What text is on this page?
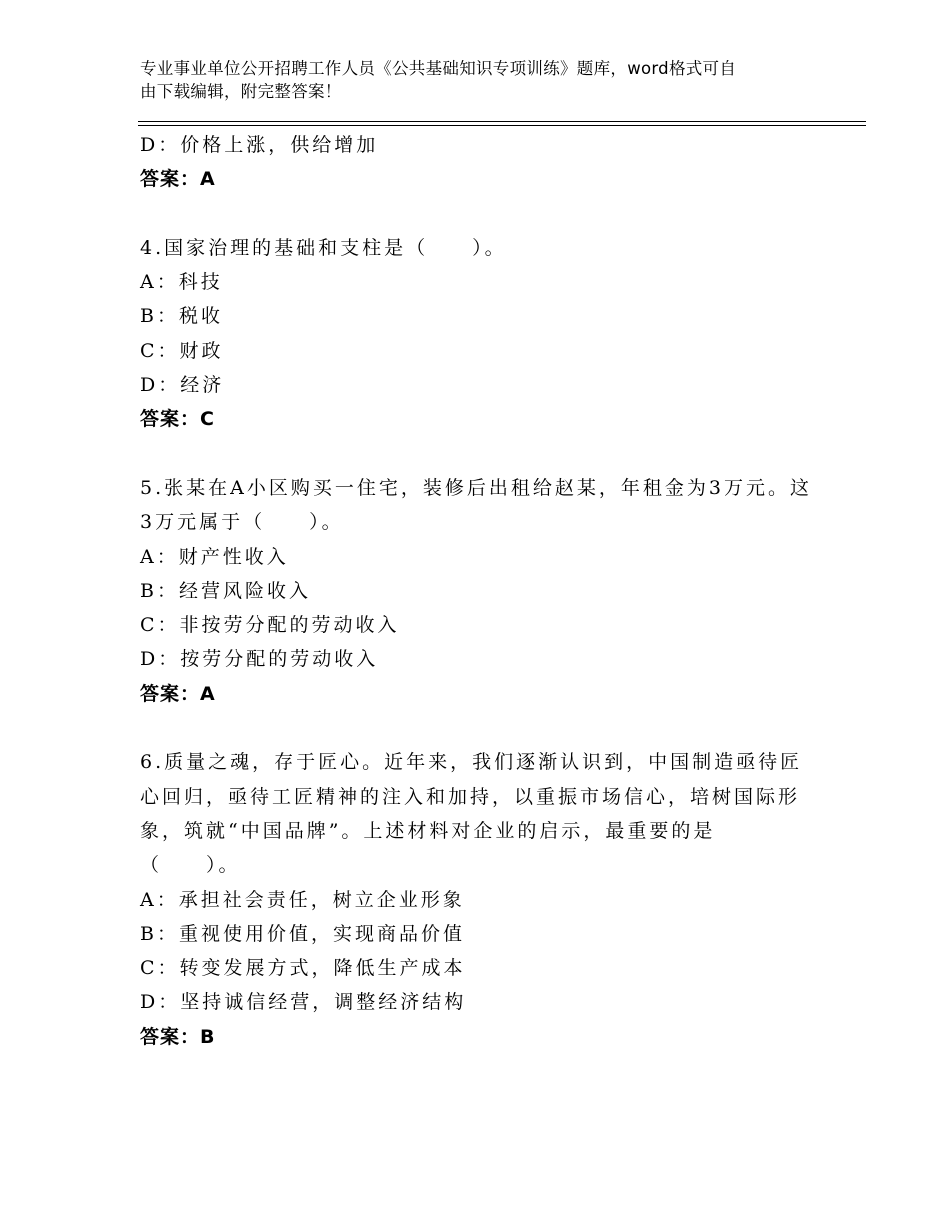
专业事业单位公开招聘工作人员《公共基础知识专项训练》题库，word格式可自
由下载编辑，附完整答案！
D：价格上涨，供给增加
答案：A
4.国家治理的基础和支柱是（　　）。
A：科技
B：税收
C：财政
D：经济
答案：C
5.张某在A小区购买一住宅，装修后出租给赵某，年租金为3万元。这
3万元属于（　　）。
A：财产性收入
B：经营风险收入
C：非按劳分配的劳动收入
D：按劳分配的劳动收入
答案：A
6.质量之魂，存于匠心。近年来，我们逐渐认识到，中国制造亟待匠
心回归，亟待工匠精神的注入和加持，以重振市场信心，培树国际形
象，筑就“中国品牌”。上述材料对企业的启示，最重要的是
（　　）。
A：承担社会责任，树立企业形象
B：重视使用价值，实现商品价值
C：转变发展方式，降低生产成本
D：坚持诚信经营，调整经济结构
答案：B
